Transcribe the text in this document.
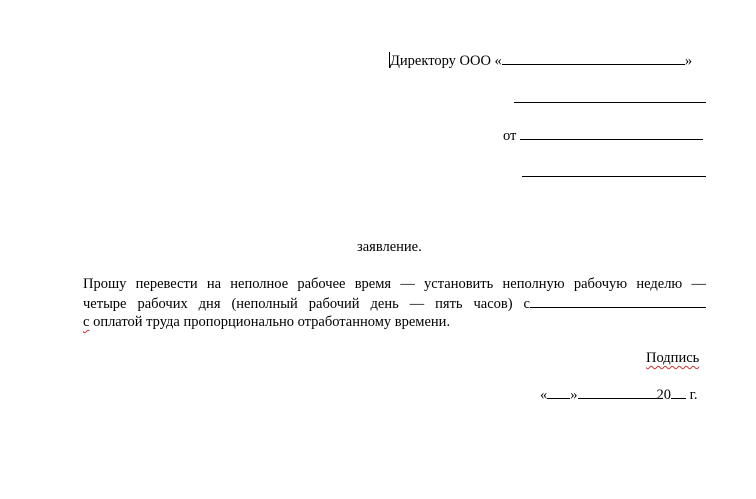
Директору ООО «	»
от
заявление.
Прошу перевести на неполное рабочее время — установить неполную рабочую неделю —
четыре рабочих дня (неполный рабочий день — пять часов) с
с оплатой труда пропорционально отработанному времени.
Подпись
« »	20 г.
